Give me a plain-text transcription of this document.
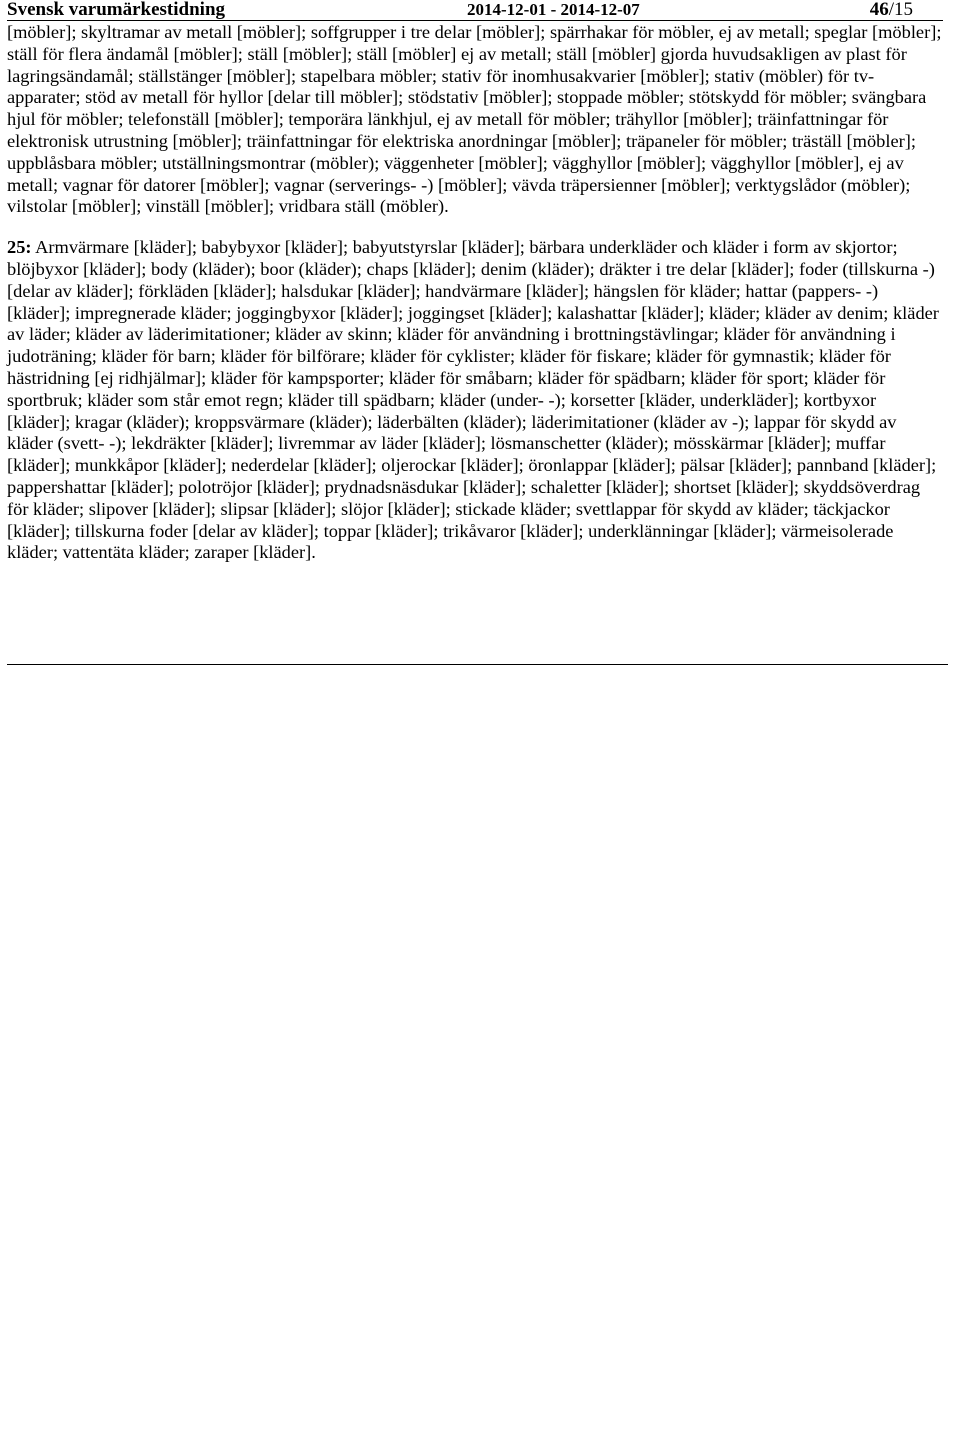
Svensk varumärkestidning	2014-12-01 - 2014-12-07	46/15

[möbler]; skyltramar av metall [möbler]; soffgrupper i tre delar [möbler]; spärrhakar för möbler, ej av metall; speglar [möbler]; ställ för flera ändamål [möbler]; ställ [möbler]; ställ [möbler] ej av metall; ställ [möbler] gjorda huvudsakligen av plast för lagringsändamål; ställstänger [möbler]; stapelbara möbler; stativ för inomhusakvarier [möbler]; stativ (möbler) för tv-apparater; stöd av metall för hyllor [delar till möbler]; stödstativ [möbler]; stoppade möbler; stötskydd för möbler; svängbara hjul för möbler; telefonställ [möbler]; temporära länkhjul, ej av metall för möbler; trähyllor [möbler]; träinfattningar för elektronisk utrustning [möbler]; träinfattningar för elektriska anordningar [möbler]; träpaneler för möbler; träställ [möbler]; uppblåsbara möbler; utställningsmontrar (möbler); väggenheter [möbler]; vägghyllor [möbler]; vägghyllor [möbler], ej av metall; vagnar för datorer [möbler]; vagnar (serverings- -) [möbler]; vävda träpersienner [möbler]; verktygslådor (möbler); vilstolar [möbler]; vinställ [möbler]; vridbara ställ (möbler).

25: Armvärmare [kläder]; babybyxor [kläder]; babyutstyrslar [kläder]; bärbara underkläder och kläder i form av skjortor; blöjbyxor [kläder]; body (kläder); boor (kläder); chaps [kläder]; denim (kläder); dräkter i tre delar [kläder]; foder (tillskurna -) [delar av kläder]; förkläden [kläder]; halsdukar [kläder]; handvärmare [kläder]; hängslen för kläder; hattar (pappers- -) [kläder]; impregnerade kläder; joggingbyxor [kläder]; joggingset [kläder]; kalashattar [kläder]; kläder; kläder av denim; kläder av läder; kläder av läderimitationer; kläder av skinn; kläder för användning i brottningstävlingar; kläder för användning i judoträning; kläder för barn; kläder för bilförare; kläder för cyklister; kläder för fiskare; kläder för gymnastik; kläder för hästridning [ej ridhjälmar]; kläder för kampsporter; kläder för småbarn; kläder för spädbarn; kläder för sport; kläder för sportbruk; kläder som står emot regn; kläder till spädbarn; kläder (under- -); korsetter [kläder, underkläder]; kortbyxor [kläder]; kragar (kläder); kroppsvärmare (kläder); läderbälten (kläder); läderimitationer (kläder av -); lappar för skydd av kläder (svett- -); lekdräkter [kläder]; livremmar av läder [kläder]; lösmanschetter (kläder); mösskärmar [kläder]; muffar [kläder]; munkkåpor [kläder]; nederdelar [kläder]; oljerockar [kläder]; öronlappar [kläder]; pälsar [kläder]; pannband [kläder]; pappershattar [kläder]; polotröjor [kläder]; prydnadsnäsdukar [kläder]; schaletter [kläder]; shortset [kläder]; skyddsöverdrag för kläder; slipover [kläder]; slipsar [kläder]; slöjor [kläder]; stickade kläder; svettlappar för skydd av kläder; täckjackor [kläder]; tillskurna foder [delar av kläder]; toppar [kläder]; trikåvaror [kläder]; underklänningar [kläder]; värmeisolerade kläder; vattentäta kläder; zaraper [kläder].
